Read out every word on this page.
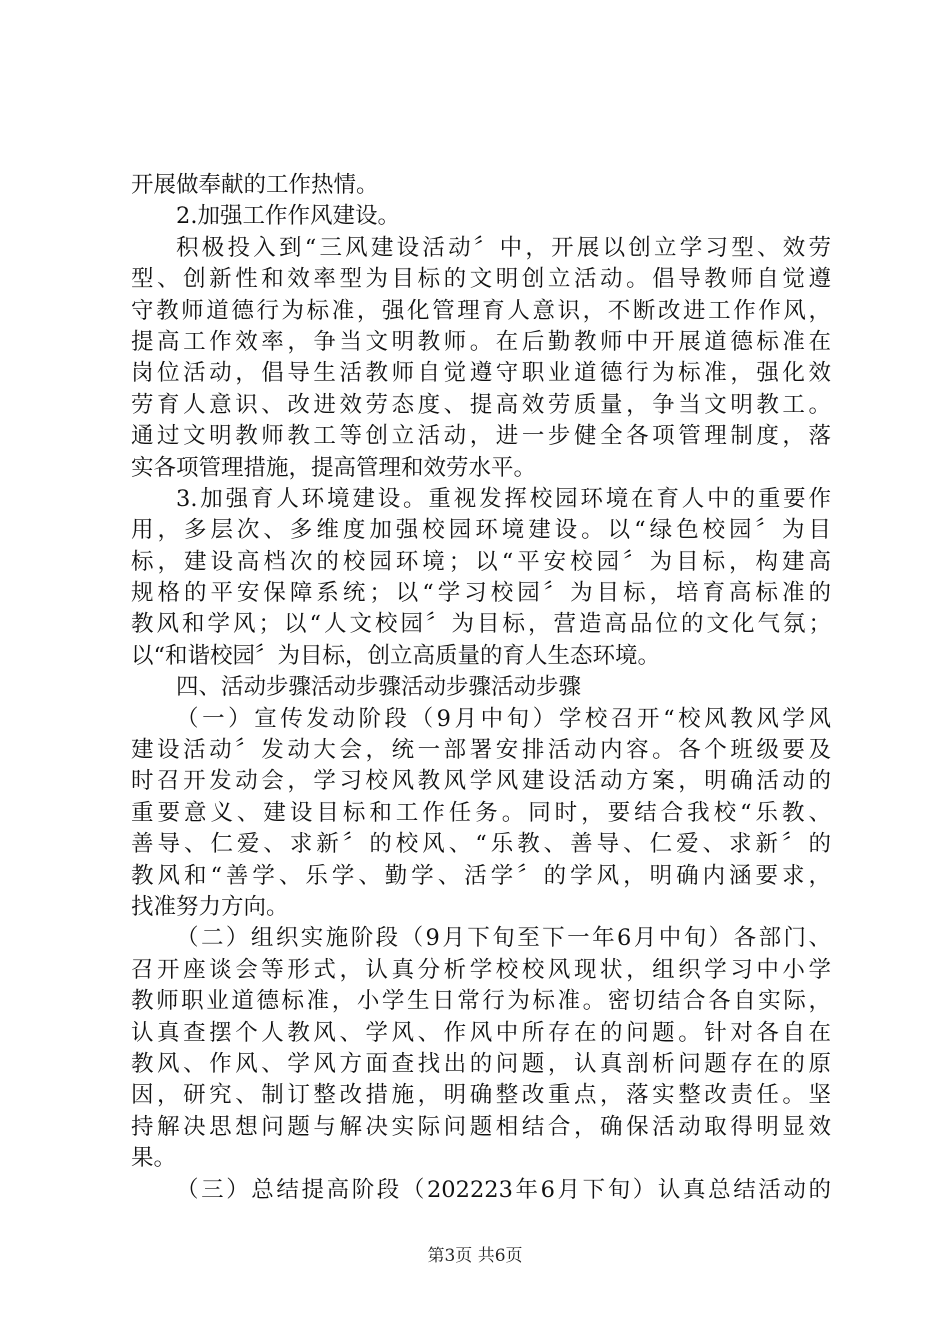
开展做奉献的工作热情。
2.加强工作作风建设。
积极投入到“三风建设活动〞中，开展以创立学习型、效劳
型、创新性和效率型为目标的文明创立活动。倡导教师自觉遵
守教师道德行为标准，强化管理育人意识，不断改进工作作风，
提高工作效率，争当文明教师。在后勤教师中开展道德标准在
岗位活动，倡导生活教师自觉遵守职业道德行为标准，强化效
劳育人意识、改进效劳态度、提高效劳质量，争当文明教工。
通过文明教师教工等创立活动，进一步健全各项管理制度，落
实各项管理措施，提高管理和效劳水平。
3.加强育人环境建设。重视发挥校园环境在育人中的重要作
用，多层次、多维度加强校园环境建设。以“绿色校园〞为目
标，建设高档次的校园环境；以“平安校园〞为目标，构建高
规格的平安保障系统；以“学习校园〞为目标，培育高标准的
教风和学风；以“人文校园〞为目标，营造高品位的文化气氛；
以“和谐校园〞为目标，创立高质量的育人生态环境。
四、活动步骤活动步骤活动步骤活动步骤
（一）宣传发动阶段（9月中旬）学校召开“校风教风学风
建设活动〞发动大会，统一部署安排活动内容。各个班级要及
时召开发动会，学习校风教风学风建设活动方案，明确活动的
重要意义、建设目标和工作任务。同时，要结合我校“乐教、
善导、仁爱、求新〞的校风、“乐教、善导、仁爱、求新〞的
教风和“善学、乐学、勤学、活学〞的学风，明确内涵要求，
找准努力方向。
（二）组织实施阶段（9月下旬至下一年6月中旬）各部门、
召开座谈会等形式，认真分析学校校风现状，组织学习中小学
教师职业道德标准，小学生日常行为标准。密切结合各自实际，
认真查摆个人教风、学风、作风中所存在的问题。针对各自在
教风、作风、学风方面查找出的问题，认真剖析问题存在的原
因，研究、制订整改措施，明确整改重点，落实整改责任。坚
持解决思想问题与解决实际问题相结合，确保活动取得明显效
果。
（三）总结提高阶段（202223年6月下旬）认真总结活动的
第3页 共6页
